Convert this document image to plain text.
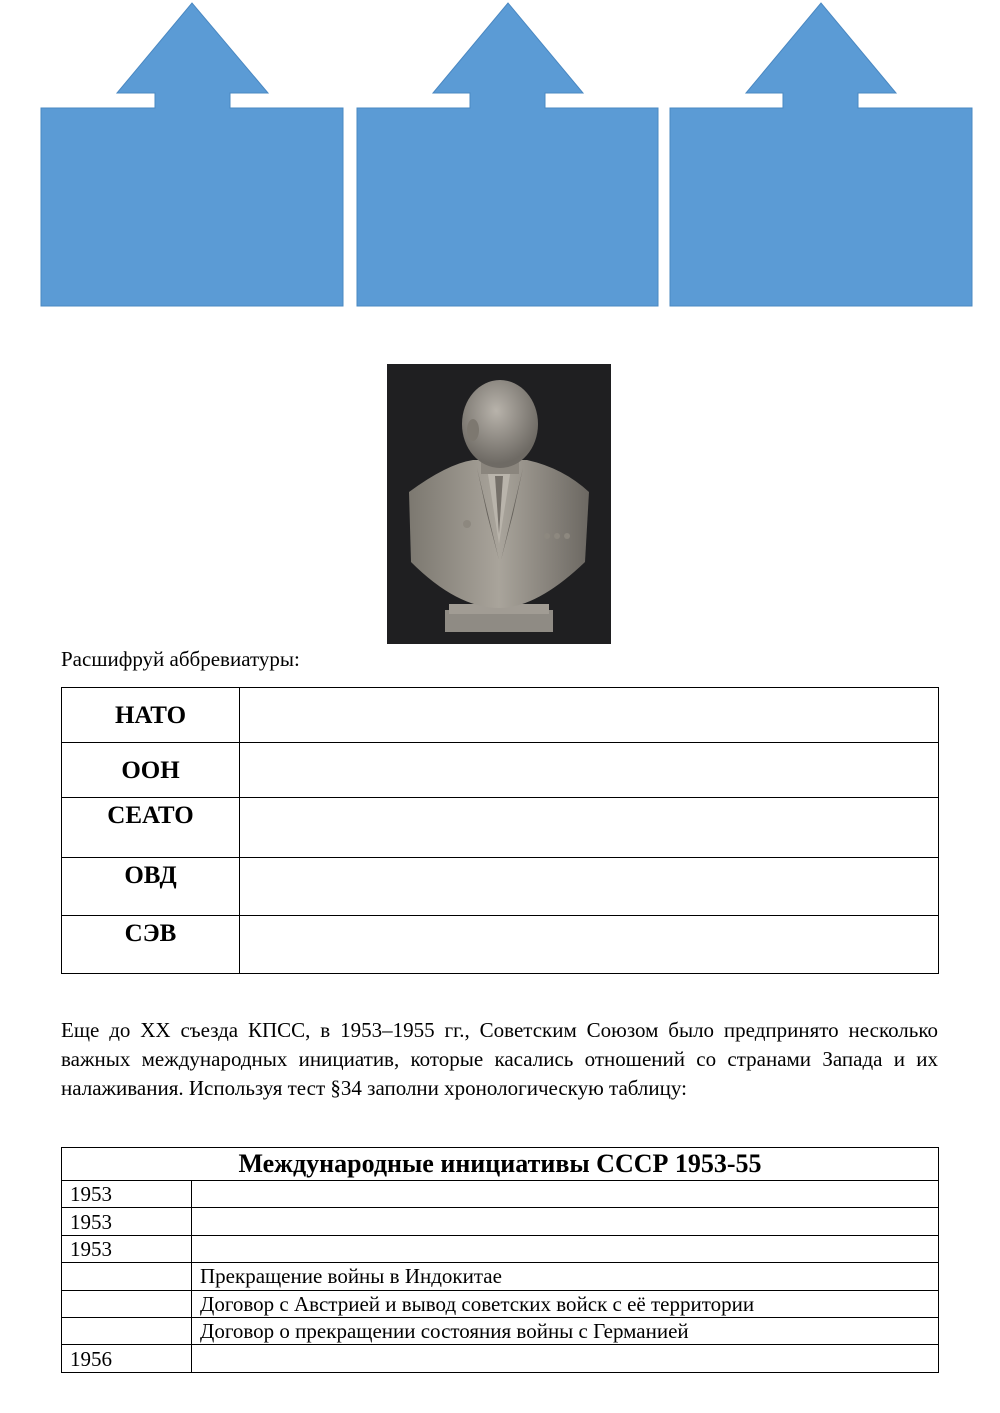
Расшифруй аббревиатуры:
НАТО	

ООН	

СЕАТО	

ОВД	

СЭВ	

Еще до XX съезда КПСС, в 1953–1955 гг., Советским Союзом было предпринято несколько важных международных инициатив, которые касались отношений со странами Запада и их налаживания. Используя тест §34 заполни хронологическую таблицу:
Международные инициативы СССР 1953-55	
1953	
1953	
1953	
	Прекращение войны в Индокитае
	Договор с Австрией и вывод советских войск с её территории
	Договор о прекращении состояния войны с Германией
1956	
